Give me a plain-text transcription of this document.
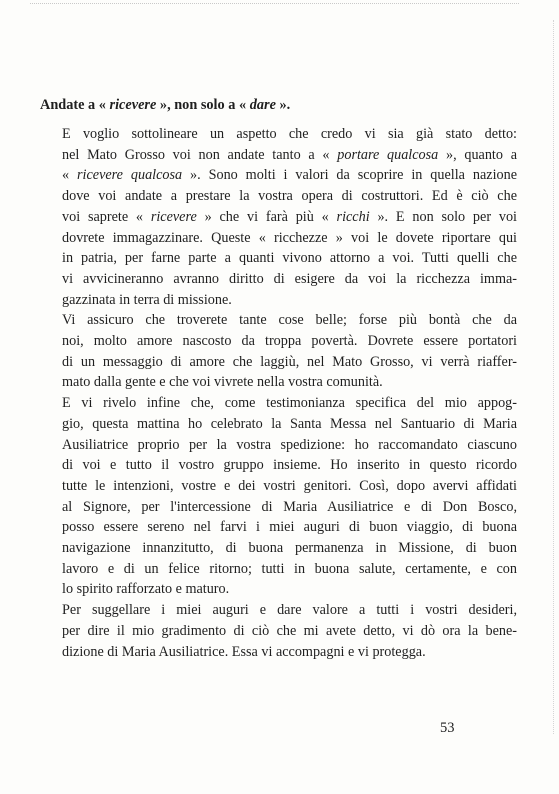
Andate a « ricevere », non solo a « dare ».

E voglio sottolineare un aspetto che credo vi sia già stato detto:
nel Mato Grosso voi non andate tanto a « portare qualcosa », quanto a
« ricevere qualcosa ». Sono molti i valori da scoprire in quella nazione
dove voi andate a prestare la vostra opera di costruttori. Ed è ciò che
voi saprete « ricevere » che vi farà più « ricchi ». E non solo per voi
dovrete immagazzinare. Queste « ricchezze » voi le dovete riportare qui
in patria, per farne parte a quanti vivono attorno a voi. Tutti quelli che
vi avvicineranno avranno diritto di esigere da voi la ricchezza imma-
gazzinata in terra di missione.

Vi assicuro che troverete tante cose belle; forse più bontà che da
noi, molto amore nascosto da troppa povertà. Dovrete essere portatori
di un messaggio di amore che laggiù, nel Mato Grosso, vi verrà riaffer-
mato dalla gente e che voi vivrete nella vostra comunità.

E vi rivelo infine che, come testimonianza specifica del mio appog-
gio, questa mattina ho celebrato la Santa Messa nel Santuario di Maria
Ausiliatrice proprio per la vostra spedizione: ho raccomandato ciascuno
di voi e tutto il vostro gruppo insieme. Ho inserito in questo ricordo
tutte le intenzioni, vostre e dei vostri genitori. Così, dopo avervi affidati
al Signore, per l'intercessione di Maria Ausiliatrice e di Don Bosco,
posso essere sereno nel farvi i miei auguri di buon viaggio, di buona
navigazione innanzitutto, di buona permanenza in Missione, di buon
lavoro e di un felice ritorno; tutti in buona salute, certamente, e con
lo spirito rafforzato e maturo.

Per suggellare i miei auguri e dare valore a tutti i vostri desideri,
per dire il mio gradimento di ciò che mi avete detto, vi dò ora la bene-
dizione di Maria Ausiliatrice. Essa vi accompagni e vi protegga.

53
